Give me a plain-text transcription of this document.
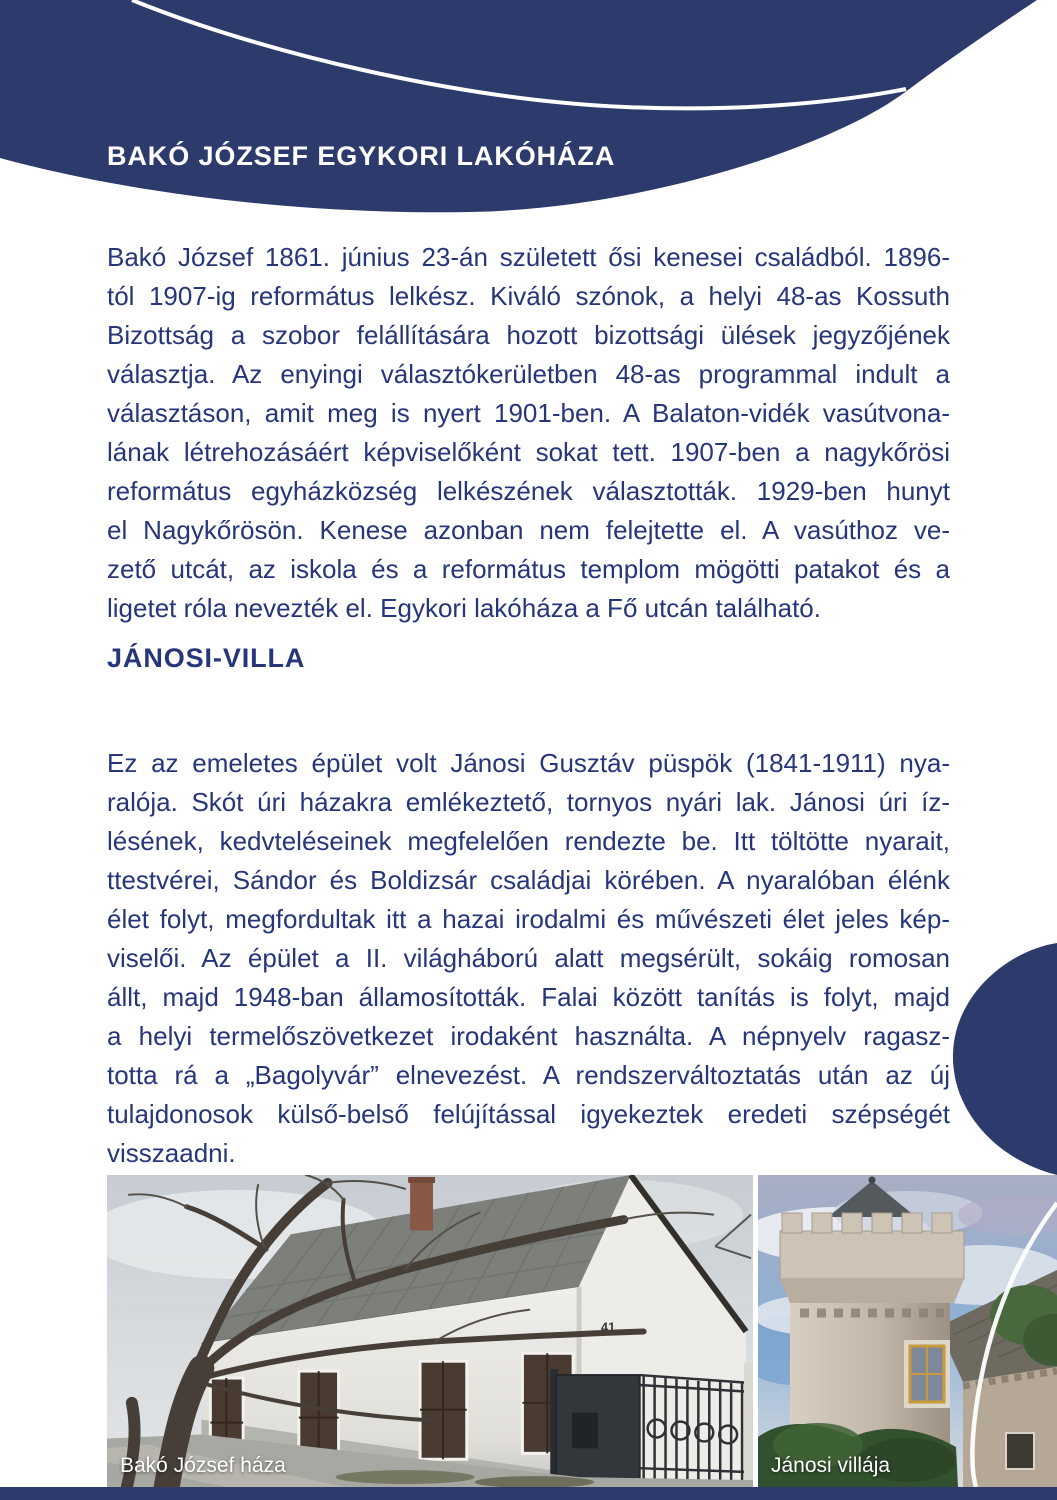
BAKÓ JÓZSEF EGYKORI LAKÓHÁZA
Bakó József 1861. június 23-án született ősi kenesei családból. 1896-
tól 1907-ig református lelkész. Kiváló szónok, a helyi 48-as Kossuth
Bizottság a szobor felállítására hozott bizottsági ülések jegyzőjének
választja. Az enyingi választókerületben 48-as programmal indult a
választáson, amit meg is nyert 1901-ben. A Balaton-vidék vasútvona-
lának létrehozásáért képviselőként sokat tett. 1907-ben a nagykőrösi
református egyházközség lelkészének választották. 1929-ben hunyt
el Nagykőrösön. Kenese azonban nem felejtette el. A vasúthoz ve-
zető utcát, az iskola és a református templom mögötti patakot és a
ligetet róla nevezték el. Egykori lakóháza a Fő utcán található.
JÁNOSI-VILLA
Ez az emeletes épület volt Jánosi Gusztáv püspök (1841-1911) nya-
ralója. Skót úri házakra emlékeztető, tornyos nyári lak. Jánosi úri íz-
lésének, kedvteléseinek megfelelően rendezte be. Itt töltötte nyarait,
ttestvérei, Sándor és Boldizsár családjai körében. A nyaralóban élénk
élet folyt, megfordultak itt a hazai irodalmi és művészeti élet jeles kép-
viselői. Az épület a II. világháború alatt megsérült, sokáig romosan
állt, majd 1948-ban államosították. Falai között tanítás is folyt, majd
a helyi termelőszövetkezet irodaként használta. A népnyelv ragasz-
totta rá a „Bagolyvár” elnevezést. A rendszerváltoztatás után az új
tulajdonosok külső-belső felújítással igyekeztek eredeti szépségét
visszaadni.
41
Bakó József háza	Jánosi villája
